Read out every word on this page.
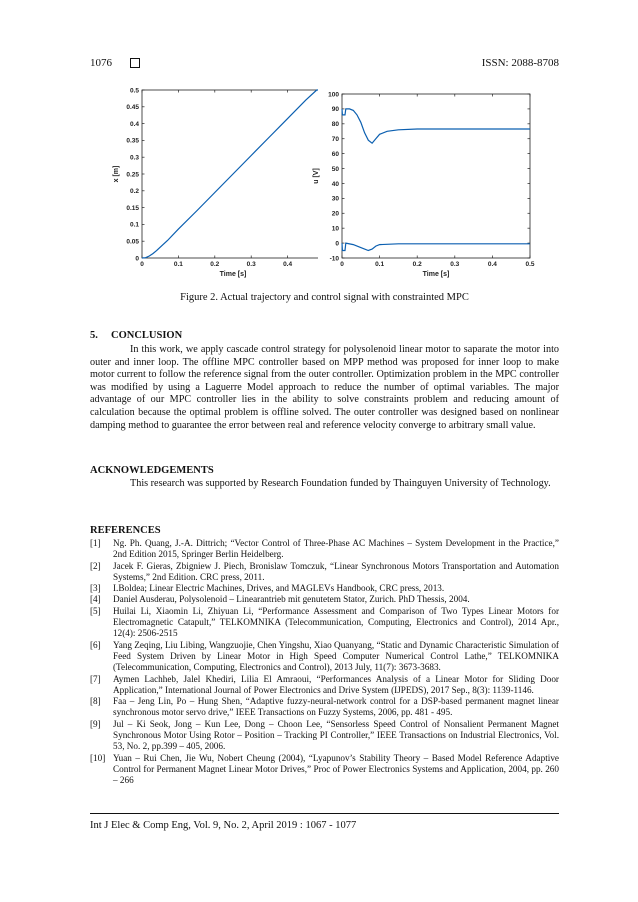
1076	ISSN: 2088-8708
0	0.1	0.2	0.3	0.4
0
0.05
0.1
0.15
0.2
0.25
0.3
0.35
0.4
0.45
0.5
Time [s]
x [m]
0	0.1	0.2	0.3	0.4	0.5
-10
0
10
20
30
40
50
60
70
80
90
100
Time [s]
u [V]
Figure 2. Actual trajectory and control signal with constrainted MPC
5.     CONCLUSION
In this work, we apply cascade control strategy for polysolenoid linear motor to saparate the motor into outer and inner loop. The offline MPC controller based on MPP method was proposed for inner loop to make motor current to follow the reference signal from the outer controller. Optimization problem in the MPC controller was modified by using a Laguerre Model approach to reduce the number of optimal variables. The major advantage of our MPC controller lies in the ability to solve constraints problem and reducing amount of calculation because the optimal problem is offline solved. The outer controller was designed based on nonlinear damping method to guarantee the error between real and reference velocity converge to arbitrary small value.
ACKNOWLEDGEMENTS
This research was supported by Research Foundation funded by Thainguyen University of Technology.
REFERENCES
[1] Ng. Ph. Quang, J.-A. Dittrich; “Vector Control of Three-Phase AC Machines – System Development in the Practice,” 2nd Edition 2015, Springer Berlin Heidelberg.
[2] Jacek F. Gieras, Zbigniew J. Piech, Bronislaw Tomczuk, “Linear Synchronous Motors Transportation and Automation Systems,” 2nd Edition. CRC press, 2011.
[3] I.Boldea; Linear Electric Machines, Drives, and MAGLEVs Handbook, CRC press, 2013.
[4] Daniel Ausderau, Polysolenoid – Linearantrieb mit genutetem Stator, Zurich. PhD Thessis, 2004.
[5] Huilai Li, Xiaomin Li, Zhiyuan Li, “Performance Assessment and Comparison of Two Types Linear Motors for Electromagnetic Catapult,” TELKOMNIKA (Telecommunication, Computing, Electronics and Control), 2014 Apr., 12(4): 2506-2515
[6] Yang Zeqing, Liu Libing, Wangzuojie, Chen Yingshu, Xiao Quanyang, “Static and Dynamic Characteristic Simulation of Feed System Driven by Linear Motor in High Speed Computer Numerical Control Lathe,” TELKOMNIKA (Telecommunication, Computing, Electronics and Control), 2013 July, 11(7): 3673-3683.
[7] Aymen Lachheb, Jalel Khediri, Lilia El Amraoui, “Performances Analysis of a Linear Motor for Sliding Door Application,” International Journal of Power Electronics and Drive System (IJPEDS), 2017 Sep., 8(3): 1139-1146.
[8] Faa – Jeng Lin, Po – Hung Shen, “Adaptive fuzzy-neural-network control for a DSP-based permanent magnet linear synchronous motor servo drive,” IEEE Transactions on Fuzzy Systems, 2006, pp. 481 - 495.
[9] Jul – Ki Seok, Jong – Kun Lee, Dong – Choon Lee, “Sensorless Speed Control of Nonsalient Permanent Magnet Synchronous Motor Using Rotor – Position – Tracking PI Controller,” IEEE Transactions on Industrial Electronics, Vol. 53, No. 2, pp.399 – 405, 2006.
[10] Yuan – Rui Chen, Jie Wu, Nobert Cheung (2004), “Lyapunov’s Stability Theory – Based Model Reference Adaptive Control for Permanent Magnet Linear Motor Drives,” Proc of Power Electronics Systems and Application, 2004, pp. 260 – 266
Int J Elec & Comp Eng, Vol. 9, No. 2, April 2019 : 1067 - 1077
